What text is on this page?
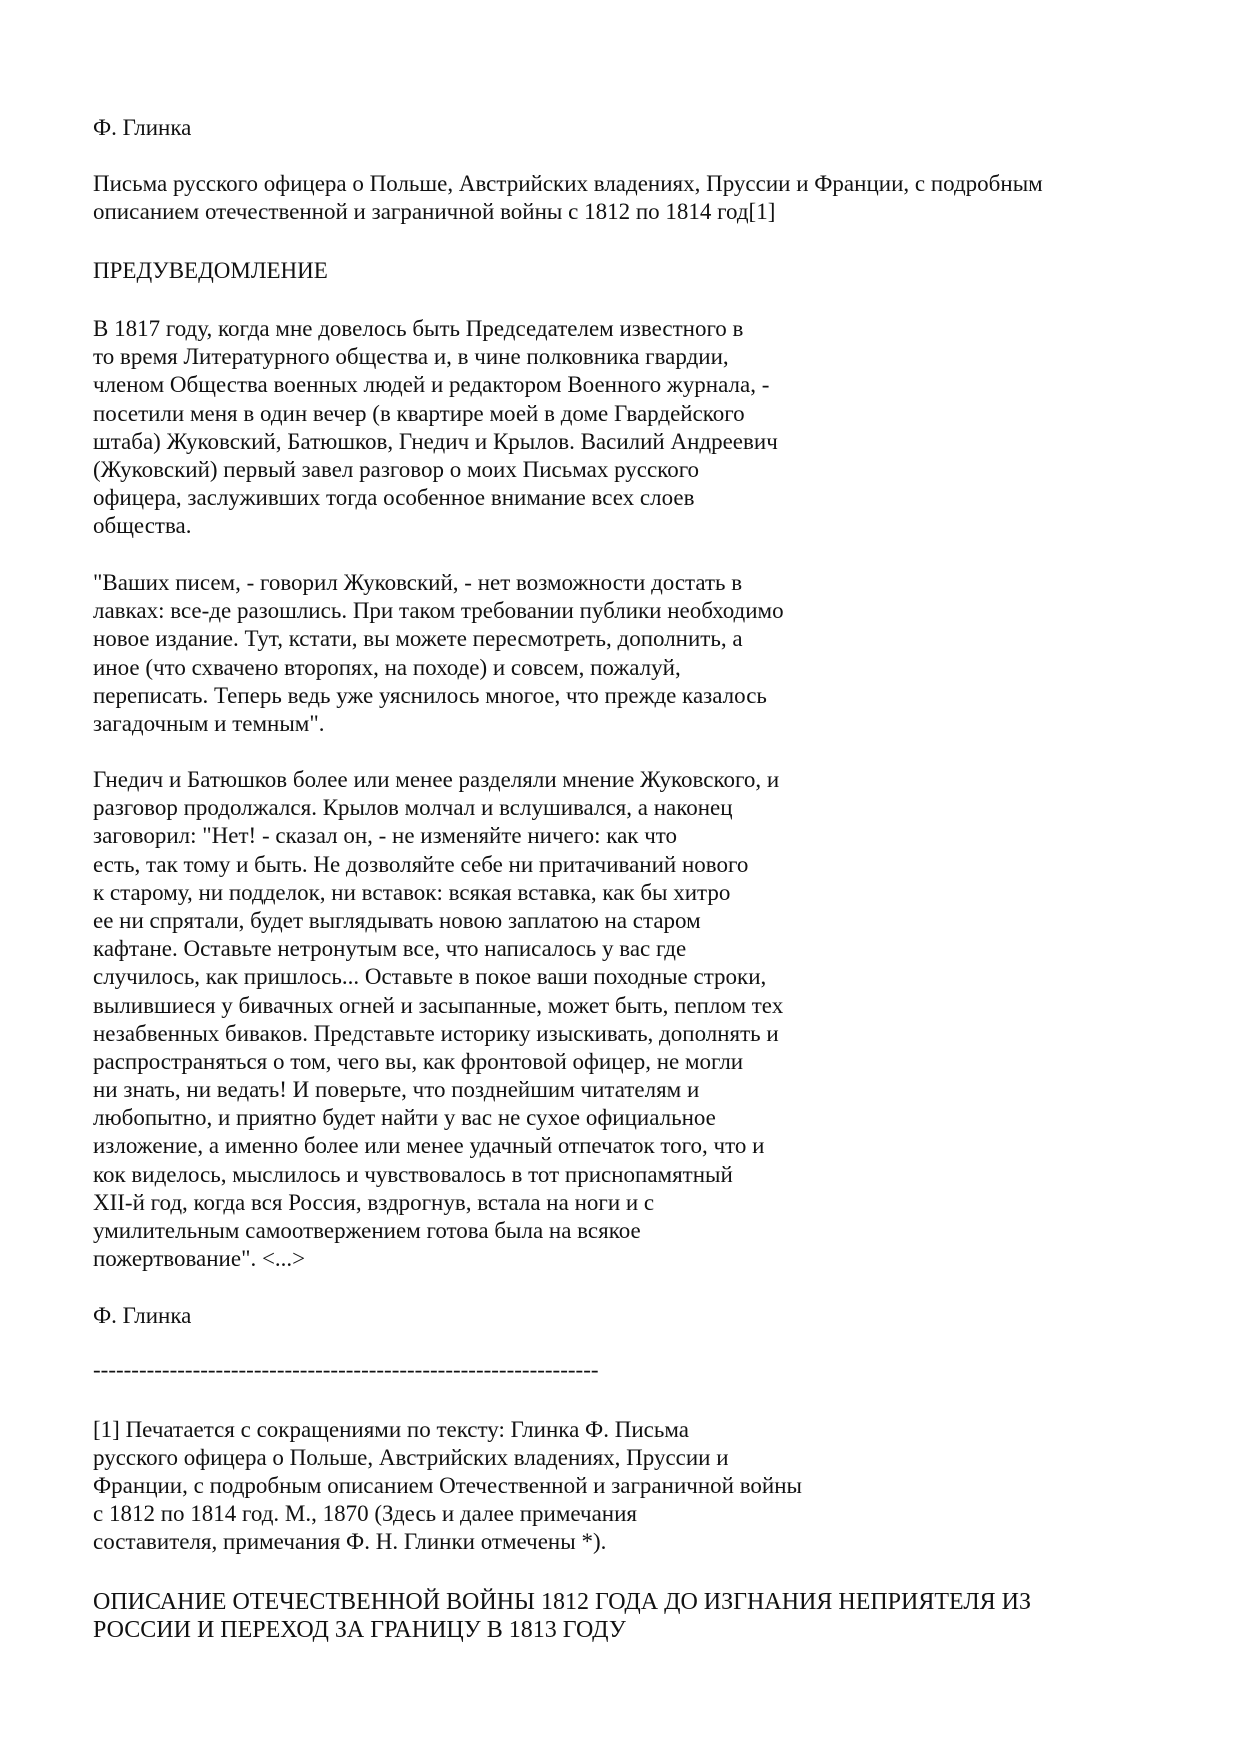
Ф. Глинка
Письма русского офицера о Польше, Австрийских владениях, Пруссии и Франции, с подробным
описанием отечественной и заграничной войны с 1812 по 1814 год[1]
ПРЕДУВЕДОМЛЕНИЕ
В 1817 году, когда мне довелось быть Председателем известного в
то время Литературного общества и, в чине полковника гвардии,
членом Общества военных людей и редактором Военного журнала, -
посетили меня в один вечер (в квартире моей в доме Гвардейского
штаба) Жуковский, Батюшков, Гнедич и Крылов. Василий Андреевич
(Жуковский) первый завел разговор о моих Письмах русского
офицера, заслуживших тогда особенное внимание всех слоев
общества.
"Ваших писем, - говорил Жуковский, - нет возможности достать в
лавках: все-де разошлись. При таком требовании публики необходимо
новое издание. Тут, кстати, вы можете пересмотреть, дополнить, а
иное (что схвачено второпях, на походе) и совсем, пожалуй,
переписать. Теперь ведь уже уяснилось многое, что прежде казалось
загадочным и темным".
Гнедич и Батюшков более или менее разделяли мнение Жуковского, и
разговор продолжался. Крылов молчал и вслушивался, а наконец
заговорил: "Нет! - сказал он, - не изменяйте ничего: как что
есть, так тому и быть. Не дозволяйте себе ни притачиваний нового
к старому, ни подделок, ни вставок: всякая вставка, как бы хитро
ее ни спрятали, будет выглядывать новою заплатою на старом
кафтане. Оставьте нетронутым все, что написалось у вас где
случилось, как пришлось... Оставьте в покое ваши походные строки,
вылившиеся у бивачных огней и засыпанные, может быть, пеплом тех
незабвенных биваков. Представьте историку изыскивать, дополнять и
распространяться о том, чего вы, как фронтовой офицер, не могли
ни знать, ни ведать! И поверьте, что позднейшим читателям и
любопытно, и приятно будет найти у вас не сухое официальное
изложение, а именно более или менее удачный отпечаток того, что и
кок виделось, мыслилось и чувствовалось в тот приснопамятный
XII-й год, когда вся Россия, вздрогнув, встала на ноги и с
умилительным самоотвержением готова была на всякое
пожертвование". <...>
Ф. Глинка
------------------------------------------------------------------
[1] Печатается с сокращениями по тексту: Глинка Ф. Письма
русского офицера о Польше, Австрийских владениях, Пруссии и
Франции, с подробным описанием Отечественной и заграничной войны
с 1812 по 1814 год. М., 1870 (Здесь и далее примечания
составителя, примечания Ф. Н. Глинки отмечены *).
ОПИСАНИЕ ОТЕЧЕСТВЕННОЙ ВОЙНЫ 1812 ГОДА ДО ИЗГНАНИЯ НЕПРИЯТЕЛЯ ИЗ
РОССИИ И ПЕРЕХОД ЗА ГРАНИЦУ В 1813 ГОДУ
